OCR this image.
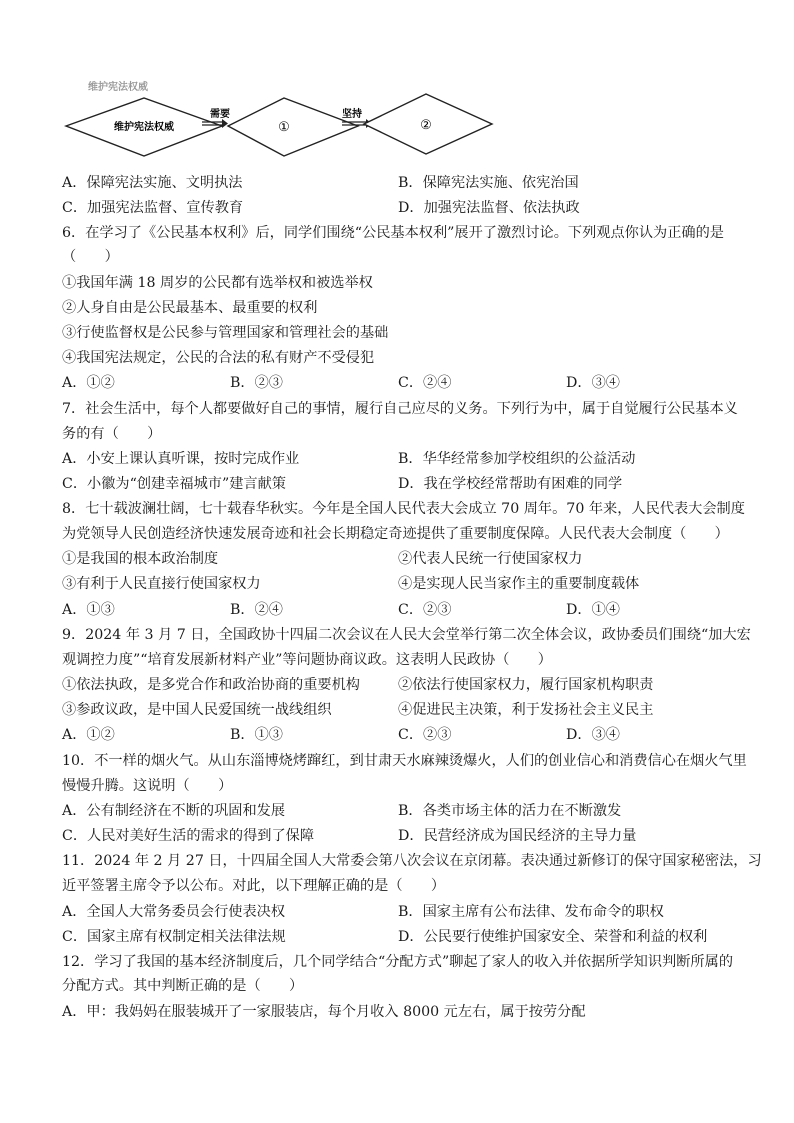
维护宪法权威
维护宪法权威
需要
①
坚持
②
A．保障宪法实施、文明执法	B．保障宪法实施、依宪治国
C．加强宪法监督、宣传教育	D．加强宪法监督、依法执政
6．在学习了《公民基本权利》后，同学们围绕“公民基本权利”展开了激烈讨论。下列观点你认为正确的是
（　　）
①我国年满 18 周岁的公民都有选举权和被选举权
②人身自由是公民最基本、最重要的权利
③行使监督权是公民参与管理国家和管理社会的基础
④我国宪法规定，公民的合法的私有财产不受侵犯
A．①②	B．②③	C．②④	D．③④
7．社会生活中，每个人都要做好自己的事情，履行自己应尽的义务。下列行为中，属于自觉履行公民基本义
务的有（　　）
A．小安上课认真听课，按时完成作业	B．华华经常参加学校组织的公益活动
C．小徽为“创建幸福城市”建言献策	D．我在学校经常帮助有困难的同学
8．七十载波澜壮阔，七十载春华秋实。今年是全国人民代表大会成立 70 周年。70 年来，人民代表大会制度
为党领导人民创造经济快速发展奇迹和社会长期稳定奇迹提供了重要制度保障。人民代表大会制度（　　）
①是我国的根本政治制度	②代表人民统一行使国家权力
③有利于人民直接行使国家权力	④是实现人民当家作主的重要制度载体
A．①③	B．②④	C．②③	D．①④
9．2024 年 3 月 7 日，全国政协十四届二次会议在人民大会堂举行第二次全体会议，政协委员们围绕“加大宏
观调控力度”“培育发展新材料产业”等问题协商议政。这表明人民政协（　　）
①依法执政，是多党合作和政治协商的重要机构	②依法行使国家权力，履行国家机构职责
③参政议政，是中国人民爱国统一战线组织	④促进民主决策，利于发扬社会主义民主
A．①②	B．①③	C．②③	D．③④
10．不一样的烟火气。从山东淄博烧烤蹿红，到甘肃天水麻辣烫爆火，人们的创业信心和消费信心在烟火气里
慢慢升腾。这说明（　　）
A．公有制经济在不断的巩固和发展	B．各类市场主体的活力在不断激发
C．人民对美好生活的需求的得到了保障	D．民营经济成为国民经济的主导力量
11．2024 年 2 月 27 日，十四届全国人大常委会第八次会议在京闭幕。表决通过新修订的保守国家秘密法，习
近平签署主席令予以公布。对此，以下理解正确的是（　　）
A．全国人大常务委员会行使表决权	B．国家主席有公布法律、发布命令的职权
C．国家主席有权制定相关法律法规	D．公民要行使维护国家安全、荣誉和利益的权利
12．学习了我国的基本经济制度后，几个同学结合“分配方式”聊起了家人的收入并依据所学知识判断所属的
分配方式。其中判断正确的是（　　）
A．甲：我妈妈在服装城开了一家服装店，每个月收入 8000 元左右，属于按劳分配
